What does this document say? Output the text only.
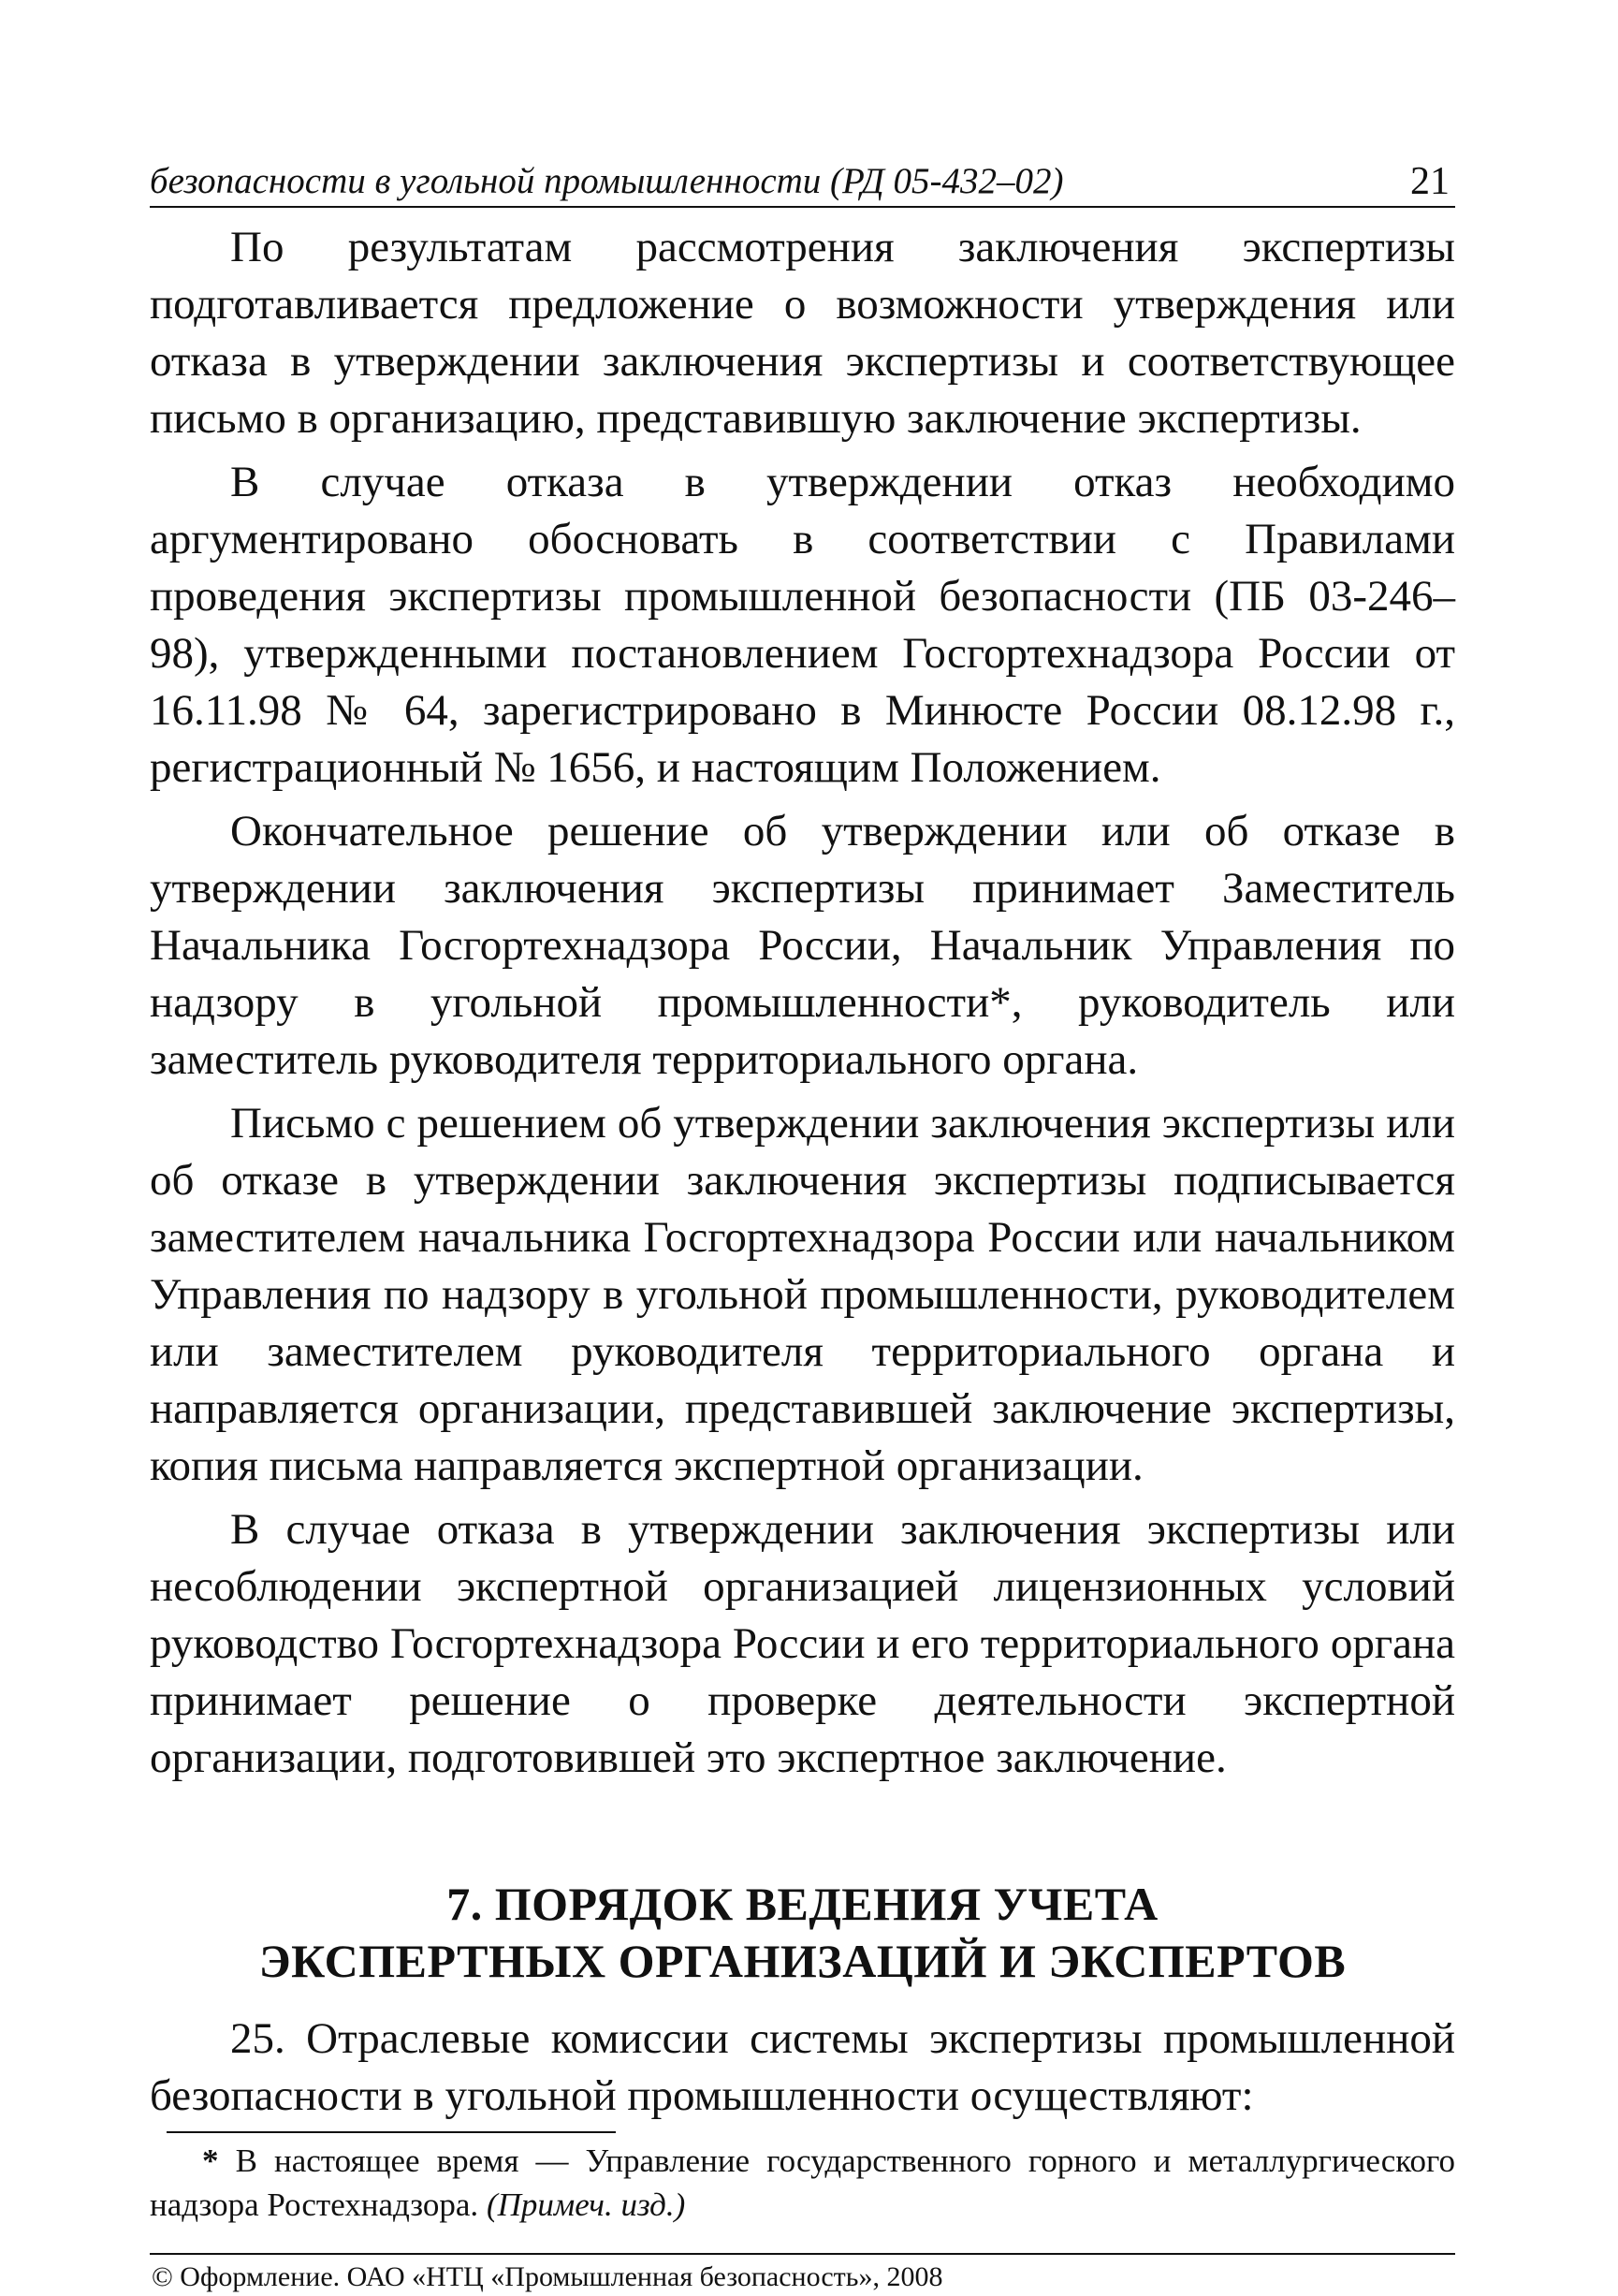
безопасности в угольной промышленности (РД 05-432–02)	21

По результатам рассмотрения заключения экспертизы подготавливается предложение о возможности утверждения или отказа в утверждении заключения экспертизы и соответствующее письмо в организацию, представившую заключение экспертизы.

В случае отказа в утверждении отказ необходимо аргументировано обосновать в соответствии с Правилами проведения экспертизы промышленной безопасности (ПБ 03-246–98), утвержденными постановлением Госгортехнадзора России от 16.11.98 № 64, зарегистрировано в Минюсте России 08.12.98 г., регистрационный № 1656, и настоящим Положением.

Окончательное решение об утверждении или об отказе в утверждении заключения экспертизы принимает Заместитель Начальника Госгортехнадзора России, Начальник Управления по надзору в угольной промышленности*, руководитель или заместитель руководителя территориального органа.

Письмо с решением об утверждении заключения экспертизы или об отказе в утверждении заключения экспертизы подписывается заместителем начальника Госгортехнадзора России или начальником Управления по надзору в угольной промышленности, руководителем или заместителем руководителя территориального органа и направляется организации, представившей заключение экспертизы, копия письма направляется экспертной организации.

В случае отказа в утверждении заключения экспертизы или несоблюдении экспертной организацией лицензионных условий руководство Госгортехнадзора России и его территориального органа принимает решение о проверке деятельности экспертной организации, подготовившей это экспертное заключение.

7. ПОРЯДОК ВЕДЕНИЯ УЧЕТА
ЭКСПЕРТНЫХ ОРГАНИЗАЦИЙ И ЭКСПЕРТОВ

25. Отраслевые комиссии системы экспертизы промышленной безопасности в угольной промышленности осуществляют:

* В настоящее время — Управление государственного горного и металлургического надзора Ростехнадзора. (Примеч. изд.)
© Оформление. ОАО «НТЦ «Промышленная безопасность», 2008
